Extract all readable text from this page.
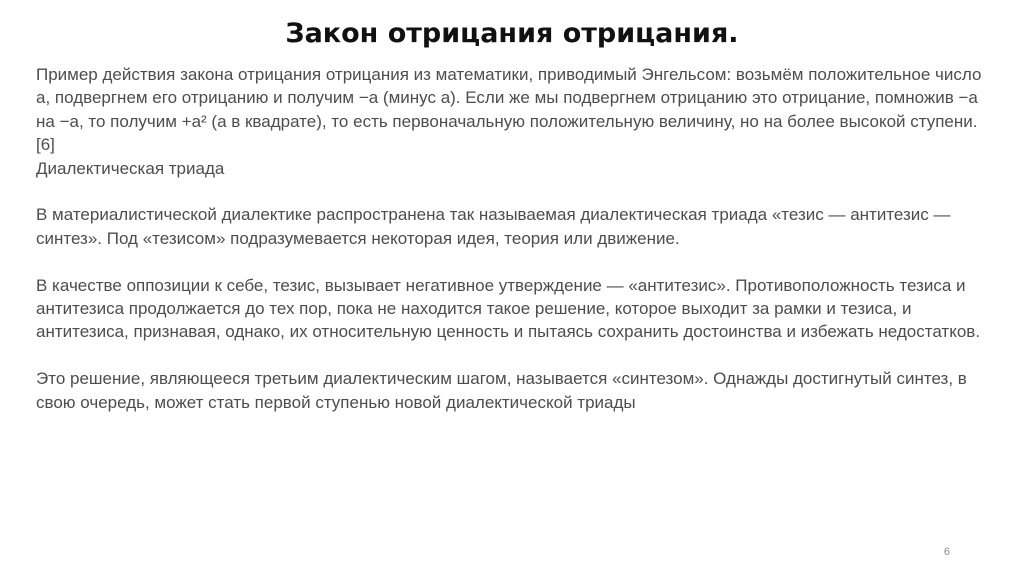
Закон отрицания отрицания.

Пример действия закона отрицания отрицания из математики, приводимый Энгельсом: возьмём положительное число a, подвергнем его отрицанию и получим −a (минус a). Если же мы подвергнем отрицанию это отрицание, помножив −a на −a, то получим +a² (a в квадрате), то есть первоначальную положительную величину, но на более высокой ступени.[6]

Диалектическая триада

В материалистической диалектике распространена так называемая диалектическая триада «тезис — антитезис — синтез». Под «тезисом» подразумевается некоторая идея, теория или движение.

В качестве оппозиции к себе, тезис, вызывает негативное утверждение — «антитезис». Противоположность тезиса и антитезиса продолжается до тех пор, пока не находится такое решение, которое выходит за рамки и тезиса, и антитезиса, признавая, однако, их относительную ценность и пытаясь сохранить достоинства и избежать недостатков.

Это решение, являющееся третьим диалектическим шагом, называется «синтезом». Однажды достигнутый синтез, в свою очередь, может стать первой ступенью новой диалектической триады

6
